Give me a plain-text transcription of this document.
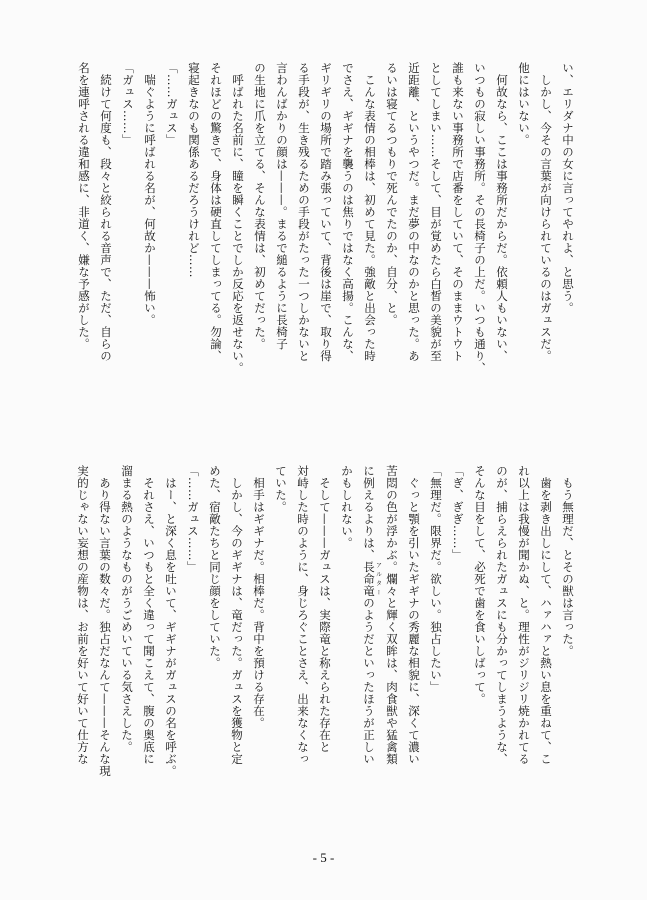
い、エリダナ中の女に言ってやれよ、と思う。
　しかし、今その言葉が向けられているのはガュスだ。
他にはいない。
　何故なら、ここは事務所だからだ。依頼人もいない、
いつもの寂しい事務所。その長椅子の上だ。いつも通り、
誰も来ない事務所で店番をしていて、そのままウトウト
としてしまい……そして、目が覚めたら白皙の美貌が至
近距離、というやつだ。まだ夢の中なのかと思った。あ
るいは寝てるつもりで死んでたのか、自分、と。
　こんな表情の相棒は、初めて見た。強敵と出会った時
でさえ、ギギナを襲うのは焦りではなく高揚。こんな、
ギリギリの場所で踏み張っていて、背後は崖で、取り得
る手段が、生き残るための手段がたった一つしかないと
言わんばかりの顔は———。まるで縋るように長椅子
の生地に爪を立てる、そんな表情は、初めてだった。
　呼ばれた名前に、瞳を瞬くことでしか反応を返せない。
それほどの驚きで、身体は硬直してしまってる。勿論、
寝起きなのも関係あるだろうけれど……
「……ガュス」
　喘ぐように呼ばれる名が、何故か———怖い。
「ガュス……」
　続けて何度も、段々と絞られる音声で、ただ、自らの
名を連呼される違和感に、非道く、嫌な予感がした。
　もう無理だ、とその獣は言った。
　歯を剥き出しにして、ハァハァと熱い息を重ねて、こ
れ以上は我慢が聞かぬ、と。理性がジリジリ焼かれてる
のが、捕らえられたガュスにも分かってしまうような、
そんな目をして、必死で歯を食いしばって。
「ぎ、ぎぎ……」
「無理だ。限界だ。欲しい。独占したい」
　ぐっと顎を引いたギギナの秀麗な相貌に、深くて濃い
苦悶の色が浮かぶ。爛々と輝く双眸は、肉食獣や猛禽類
に例えるよりは、長命竜アルターのようだといったほうが正しい
かもしれない。
　そして———ガュスは、実際竜と称えられた存在と
対峙した時のように、身じろぐことさえ、出来なくなっ
ていた。
　相手はギギナだ。相棒だ。背中を預ける存在。
　しかし、今のギギナは、竜だった。ガュスを獲物と定
めた、宿敵たちと同じ顔をしていた。
「……ガュス……」
　はー、と深く息を吐いて、ギギナがガュスの名を呼ぶ。
　それさえ、いつもと全く違って聞こえて、腹の奥底に
溜まる熱のようなものがうごめいている気さえした。
　あり得ない言葉の数々だ。独占だなんて———そんな現
実的じゃない妄想の産物は、お前を好いて好いて仕方な
- 5 -
